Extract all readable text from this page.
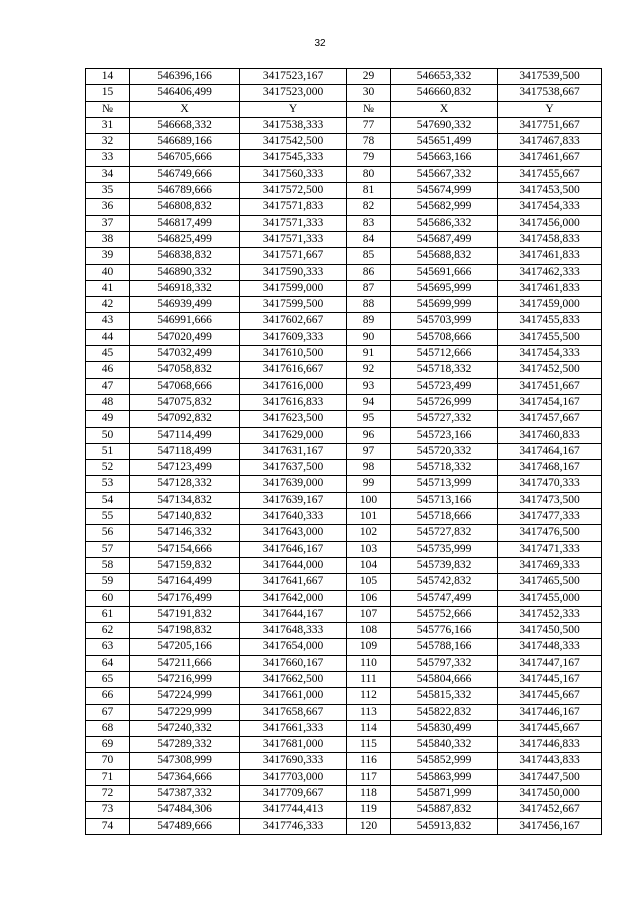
32
14	546396,166	3417523,167	29	546653,332	3417539,500
15	546406,499	3417523,000	30	546660,832	3417538,667
№	X	Y	№	X	Y
31	546668,332	3417538,333	77	547690,332	3417751,667
32	546689,166	3417542,500	78	545651,499	3417467,833
33	546705,666	3417545,333	79	545663,166	3417461,667
34	546749,666	3417560,333	80	545667,332	3417455,667
35	546789,666	3417572,500	81	545674,999	3417453,500
36	546808,832	3417571,833	82	545682,999	3417454,333
37	546817,499	3417571,333	83	545686,332	3417456,000
38	546825,499	3417571,333	84	545687,499	3417458,833
39	546838,832	3417571,667	85	545688,832	3417461,833
40	546890,332	3417590,333	86	545691,666	3417462,333
41	546918,332	3417599,000	87	545695,999	3417461,833
42	546939,499	3417599,500	88	545699,999	3417459,000
43	546991,666	3417602,667	89	545703,999	3417455,833
44	547020,499	3417609,333	90	545708,666	3417455,500
45	547032,499	3417610,500	91	545712,666	3417454,333
46	547058,832	3417616,667	92	545718,332	3417452,500
47	547068,666	3417616,000	93	545723,499	3417451,667
48	547075,832	3417616,833	94	545726,999	3417454,167
49	547092,832	3417623,500	95	545727,332	3417457,667
50	547114,499	3417629,000	96	545723,166	3417460,833
51	547118,499	3417631,167	97	545720,332	3417464,167
52	547123,499	3417637,500	98	545718,332	3417468,167
53	547128,332	3417639,000	99	545713,999	3417470,333
54	547134,832	3417639,167	100	545713,166	3417473,500
55	547140,832	3417640,333	101	545718,666	3417477,333
56	547146,332	3417643,000	102	545727,832	3417476,500
57	547154,666	3417646,167	103	545735,999	3417471,333
58	547159,832	3417644,000	104	545739,832	3417469,333
59	547164,499	3417641,667	105	545742,832	3417465,500
60	547176,499	3417642,000	106	545747,499	3417455,000
61	547191,832	3417644,167	107	545752,666	3417452,333
62	547198,832	3417648,333	108	545776,166	3417450,500
63	547205,166	3417654,000	109	545788,166	3417448,333
64	547211,666	3417660,167	110	545797,332	3417447,167
65	547216,999	3417662,500	111	545804,666	3417445,167
66	547224,999	3417661,000	112	545815,332	3417445,667
67	547229,999	3417658,667	113	545822,832	3417446,167
68	547240,332	3417661,333	114	545830,499	3417445,667
69	547289,332	3417681,000	115	545840,332	3417446,833
70	547308,999	3417690,333	116	545852,999	3417443,833
71	547364,666	3417703,000	117	545863,999	3417447,500
72	547387,332	3417709,667	118	545871,999	3417450,000
73	547484,306	3417744,413	119	545887,832	3417452,667
74	547489,666	3417746,333	120	545913,832	3417456,167
